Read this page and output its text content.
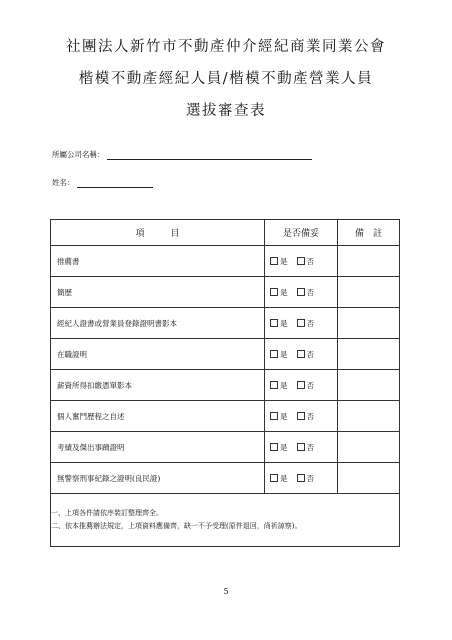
社團法人新竹市不動產仲介經紀商業同業公會
楷模不動產經紀人員/楷模不動產營業人員
選拔審查表
所屬公司名稱：
姓名：
項目	是否備妥	備註
推薦書	是 否	

簡歷	是 否	

經紀人證書或營業員登錄證明書影本	是 否	

在職證明	是 否	

薪資所得扣繳憑單影本	是 否	

個人奮鬥歷程之自述	是 否	

考績及傑出事蹟證明	是 否	

無警察刑事紀錄之證明(良民證)	是 否	

一、上項各件請依序裝訂整理齊全。
二、依本推薦辦法規定，上項資料應備齊，缺一不予受理(原件退回，尚祈諒察)。		
5
